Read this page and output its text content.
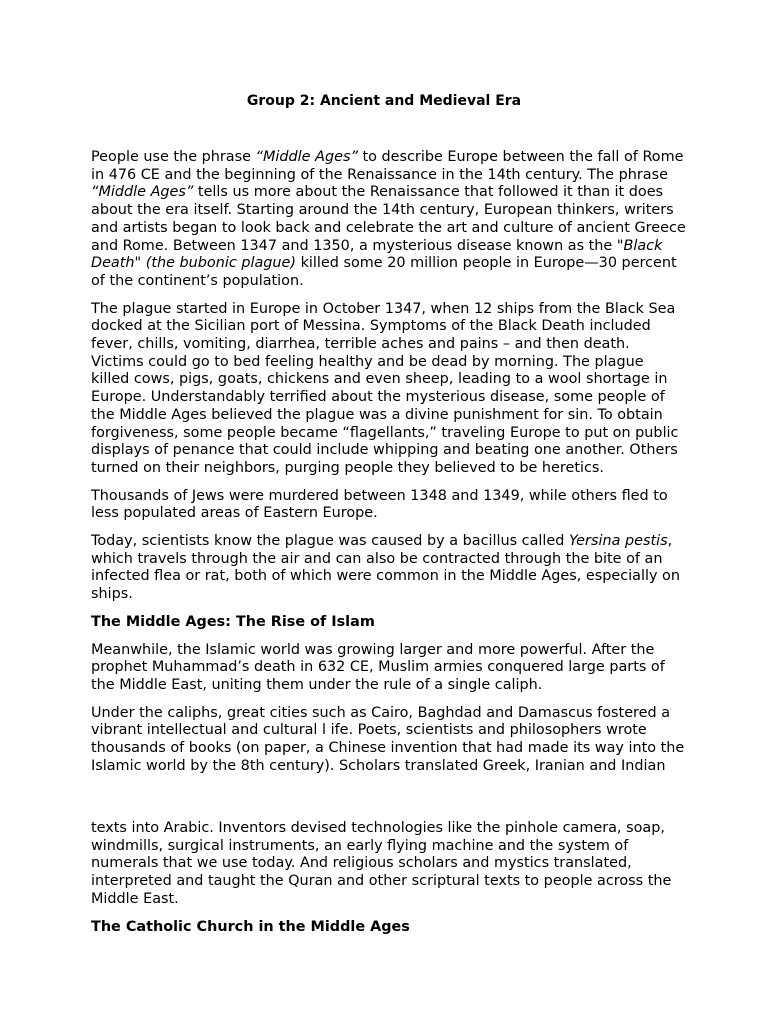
Group 2: Ancient and Medieval Era

People use the phrase “Middle Ages” to describe Europe between the fall of Rome in 476 CE and the beginning of the Renaissance in the 14th century. The phrase “Middle Ages” tells us more about the Renaissance that followed it than it does about the era itself. Starting around the 14th century, European thinkers, writers and artists began to look back and celebrate the art and culture of ancient Greece and Rome. Between 1347 and 1350, a mysterious disease known as the "Black Death" (the bubonic plague) killed some 20 million people in Europe—30 percent of the continent’s population.

The plague started in Europe in October 1347, when 12 ships from the Black Sea docked at the Sicilian port of Messina. Symptoms of the Black Death included fever, chills, vomiting, diarrhea, terrible aches and pains – and then death. Victims could go to bed feeling healthy and be dead by morning. The plague killed cows, pigs, goats, chickens and even sheep, leading to a wool shortage in Europe. Understandably terrified about the mysterious disease, some people of the Middle Ages believed the plague was a divine punishment for sin. To obtain forgiveness, some people became “flagellants,” traveling Europe to put on public displays of penance that could include whipping and beating one another. Others turned on their neighbors, purging people they believed to be heretics.

Thousands of Jews were murdered between 1348 and 1349, while others fled to less populated areas of Eastern Europe.

Today, scientists know the plague was caused by a bacillus called Yersina pestis, which travels through the air and can also be contracted through the bite of an infected flea or rat, both of which were common in the Middle Ages, especially on ships.

The Middle Ages: The Rise of Islam

Meanwhile, the Islamic world was growing larger and more powerful. After the prophet Muhammad’s death in 632 CE, Muslim armies conquered large parts of the Middle East, uniting them under the rule of a single caliph.

Under the caliphs, great cities such as Cairo, Baghdad and Damascus fostered a vibrant intellectual and cultural l ife. Poets, scientists and philosophers wrote thousands of books (on paper, a Chinese invention that had made its way into the Islamic world by the 8th century). Scholars translated Greek, Iranian and Indian

texts into Arabic. Inventors devised technologies like the pinhole camera, soap, windmills, surgical instruments, an early flying machine and the system of numerals that we use today. And religious scholars and mystics translated, interpreted and taught the Quran and other scriptural texts to people across the Middle East.

The Catholic Church in the Middle Ages
